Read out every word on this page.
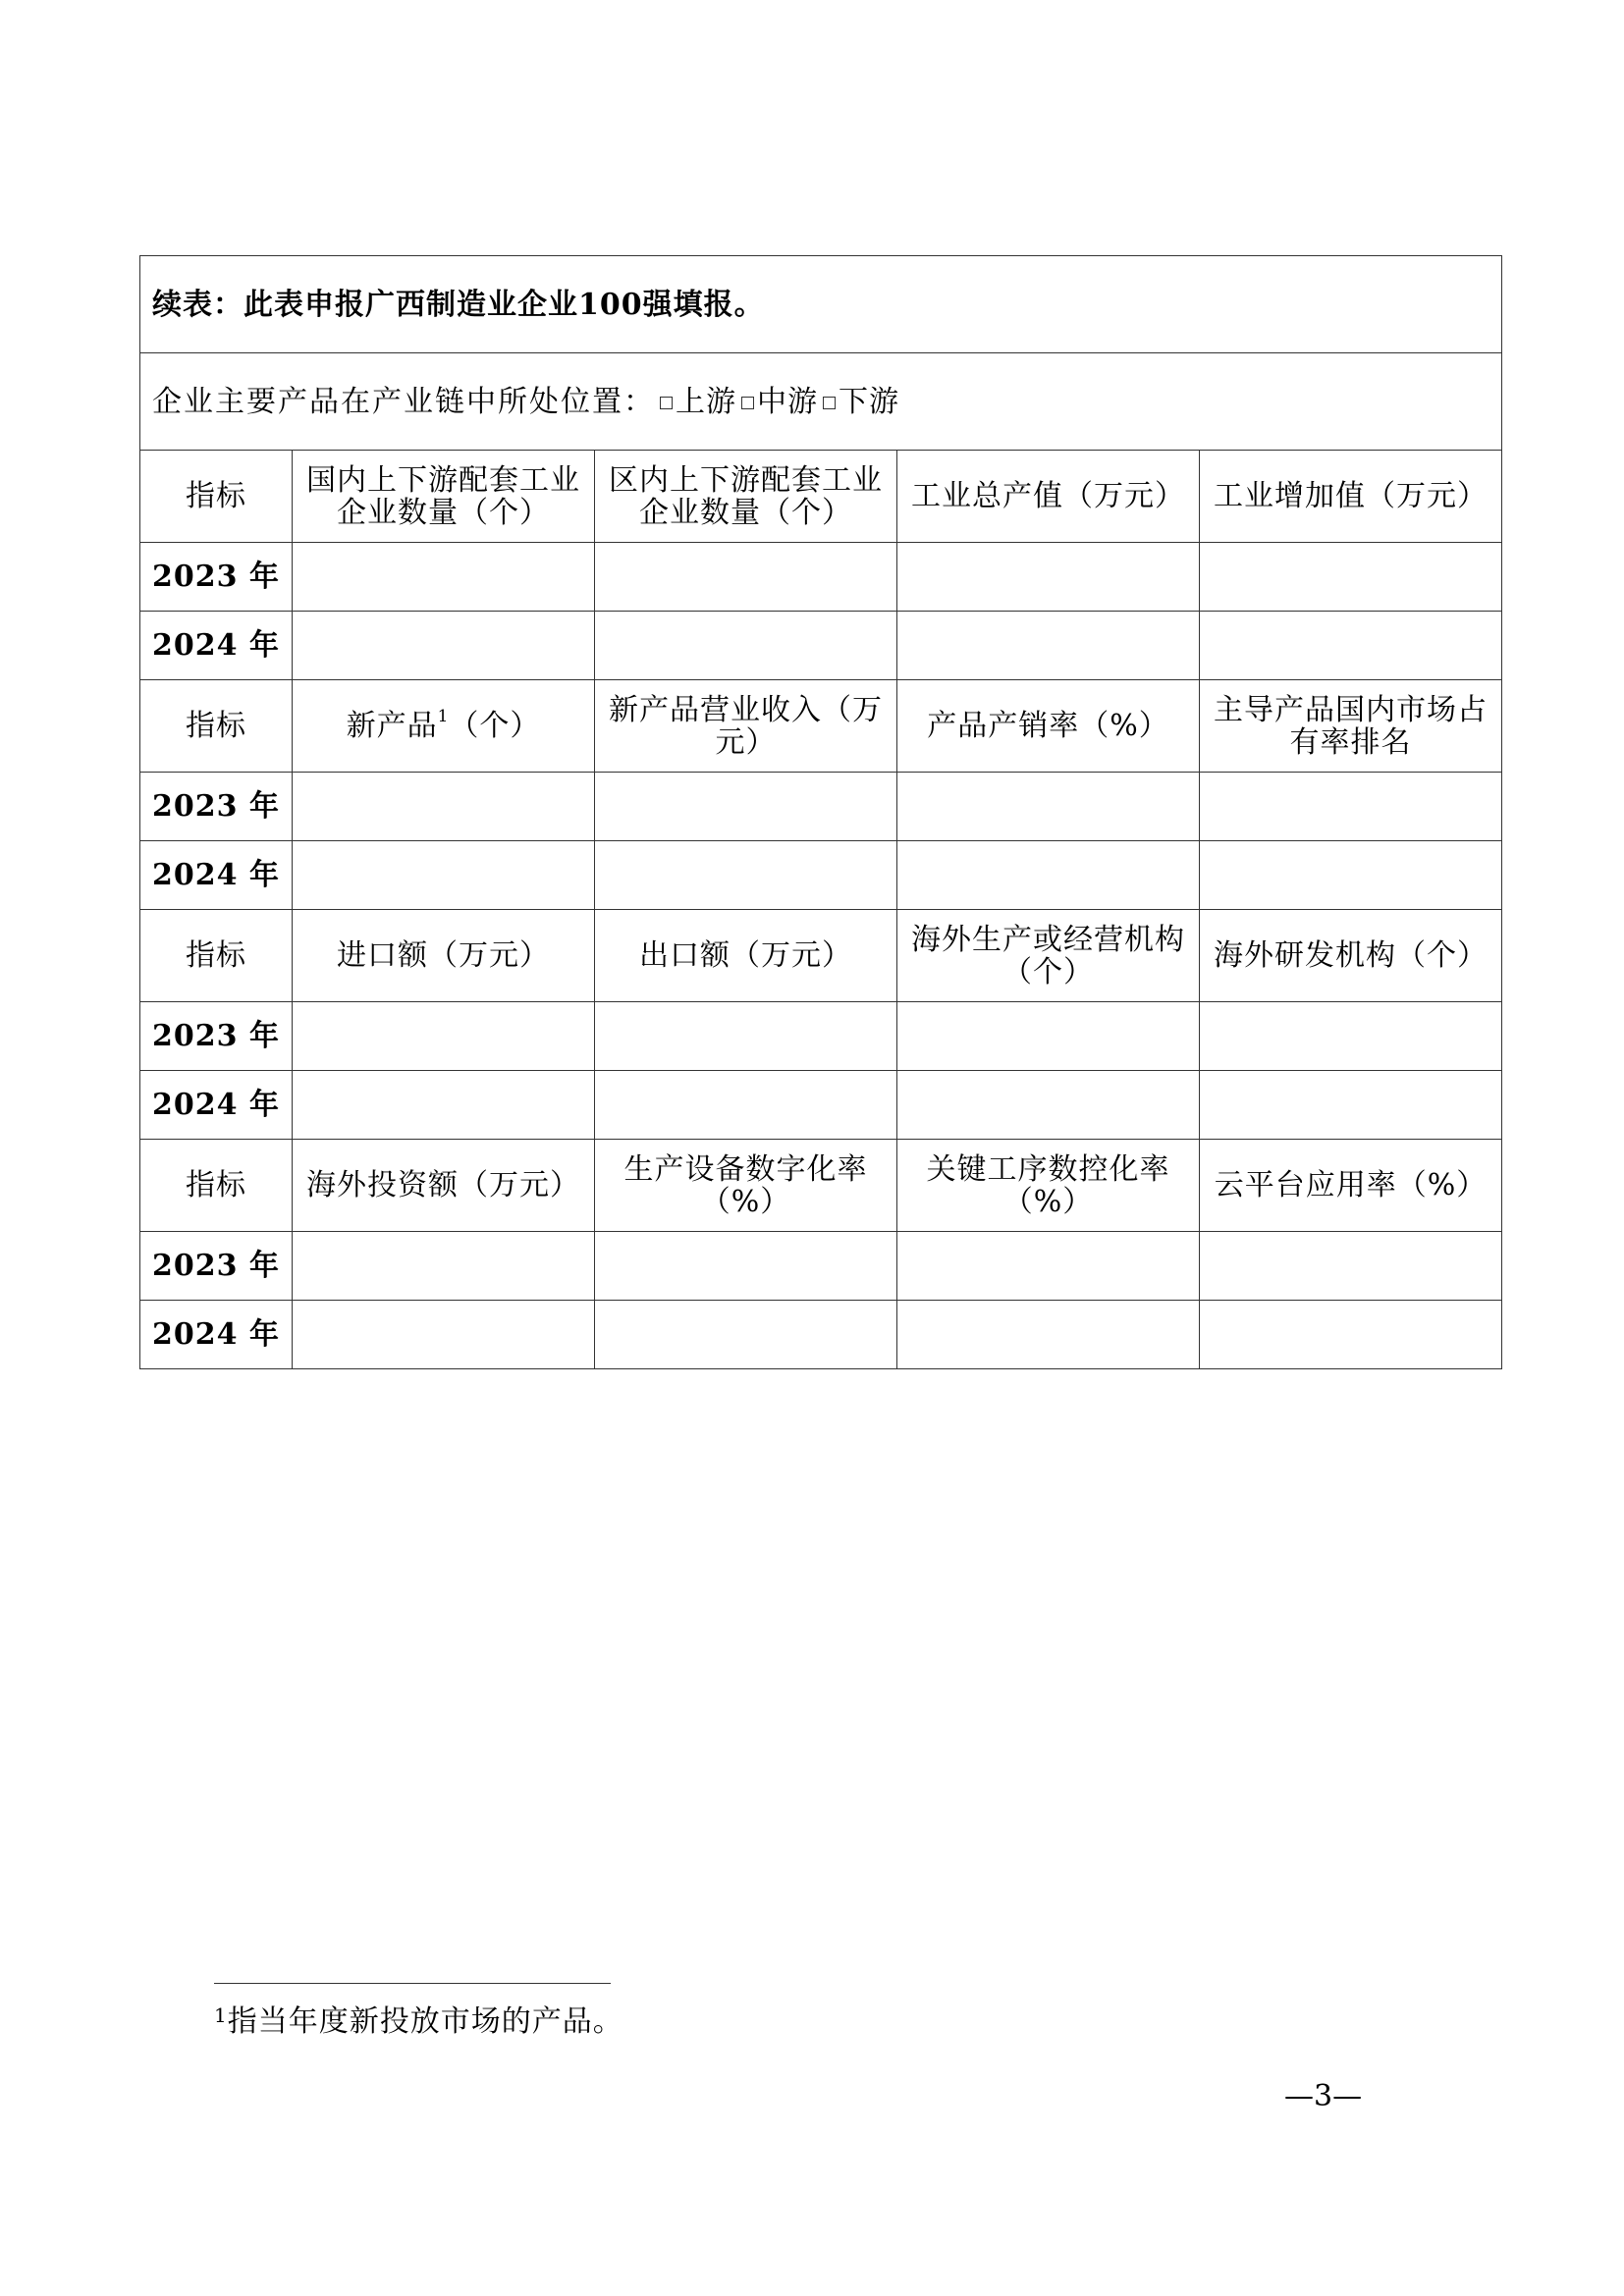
续表：此表申报广西制造业企业100强填报。				
企业主要产品在产业链中所处位置： 上游 中游 下游				
指标	国内上下游配套工业企业数量（个）	区内上下游配套工业企业数量（个）	工业总产值（万元）	工业增加值（万元）
2023 年				
2024 年				
指标	新产品$^1$（个）	新产品营业收入（万元）	产品产销率（%）	主导产品国内市场占有率排名
2023 年				
2024 年				
指标	进口额（万元）	出口额（万元）	海外生产或经营机构（个）	海外研发机构（个）
2023 年				
2024 年				
指标	海外投资额（万元）	生产设备数字化率（%）	关键工序数控化率（%）	云平台应用率（%）
2023 年				
2024 年				
$^1$指当年度新投放市场的产品。
—3—
